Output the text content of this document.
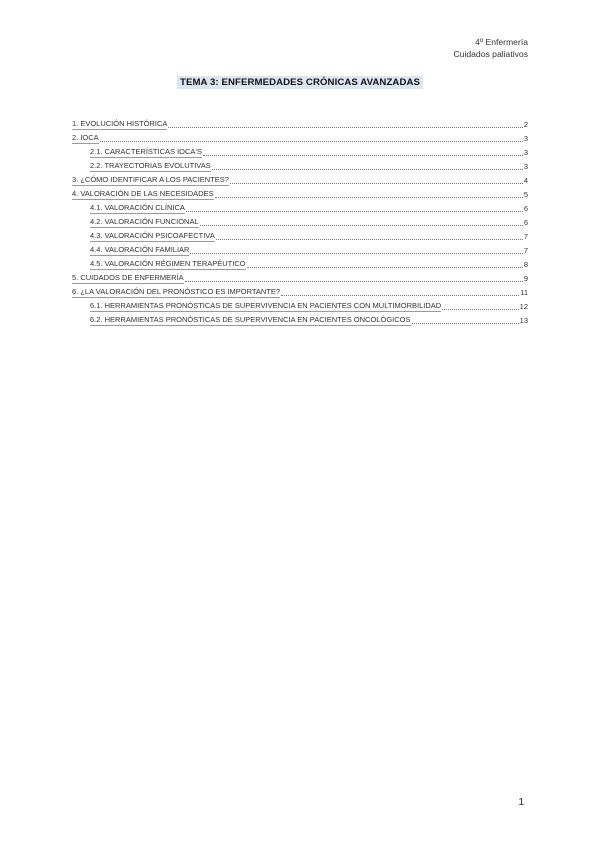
4º Enfermería
Cuidados paliativos
TEMA 3: ENFERMEDADES CRÓNICAS AVANZADAS
1. EVOLUCIÓN HISTÓRICA	2
2. IOCA	3
2.1. CARACTERÍSTICAS IOCA'S	3
2.2. TRAYECTORIAS EVOLUTIVAS	3
3. ¿CÓMO IDENTIFICAR A LOS PACIENTES?	4
4. VALORACIÓN DE LAS NECESIDADES	5
4.1. VALORACIÓN CLÍNICA	6
4.2. VALORACIÓN FUNCIONAL	6
4.3. VALORACIÓN PSICOAFECTIVA	7
4.4. VALORACIÓN FAMILIAR	7
4.5. VALORACIÓN RÉGIMEN TERAPÉUTICO	8
5. CUIDADOS DE ENFERMERÍA	9
6. ¿LA VALORACIÓN DEL PRONÓSTICO ES IMPORTANTE?	11
6.1. HERRAMIENTAS PRONÓSTICAS DE SUPERVIVENCIA EN PACIENTES CON MULTIMORBILIDAD	12
6.2. HERRAMIENTAS PRONÓSTICAS DE SUPERVIVENCIA EN PACIENTES ONCOLÓGICOS	13
1
